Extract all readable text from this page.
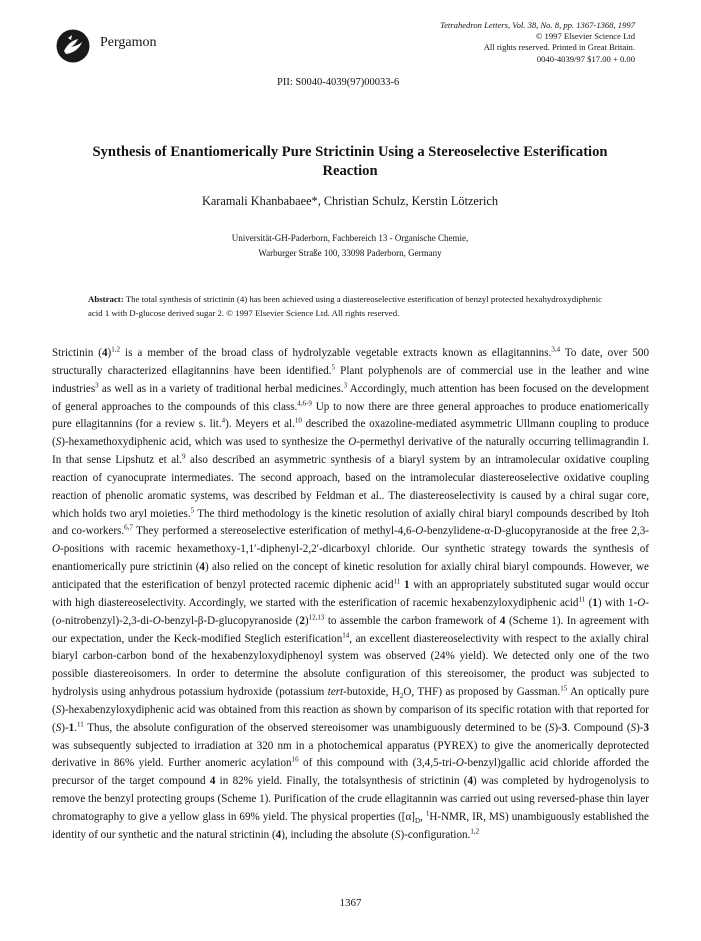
Pergamon
Tetrahedron Letters, Vol. 38, No. 8, pp. 1367-1368, 1997
© 1997 Elsevier Science Ltd
All rights reserved. Printed in Great Britain.
0040-4039/97 $17.00 + 0.00
PII: S0040-4039(97)00033-6
Synthesis of Enantiomerically Pure Strictinin Using a Stereoselective Esterification
Reaction
Karamali Khanbabaee*, Christian Schulz, Kerstin Lötzerich
Universität-GH-Paderborn, Fachbereich 13 - Organische Chemie,
Warburger Straße 100, 33098 Paderborn, Germany
Abstract: The total synthesis of strictinin (4) has been achieved using a diastereoselective esterification of benzyl protected hexahydroxydiphenic acid 1 with D-glucose derived sugar 2. © 1997 Elsevier Science Ltd. All rights reserved.

Strictinin $(4)^{1,2}$ is a member of the broad class of hydrolyzable vegetable extracts known as ellagitannins.$^{3,4}$ To date, over 500 structurally characterized ellagitannins have been identified.$^5$ Plant polyphenols are of commercial use in the leather and wine industries$^3$ as well as in a variety of traditional herbal medicines.$^3$ Accordingly, much attention has been focused on the development of general approaches to the compounds of this class.$^{4,6-9}$ Up to now there are three general approaches to produce enatiomerically pure ellagitannins (for a review s. lit.$^4$). Meyers et al.$^{10}$ described the oxazoline-mediated asymmetric Ullmann coupling to produce (S)-hexamethoxydiphenic acid, which was used to synthesize the O-permethyl derivative of the naturally occurring tellimagrandin I. In that sense Lipshutz et al.$^9$ also described an asymmetric synthesis of a biaryl system by an intramolecular oxidative coupling reaction of cyanocuprate intermediates. The second approach, based on the intramolecular diastereoselective oxidative coupling reaction of phenolic aromatic systems, was described by Feldman et al.. The diastereoselectivity is caused by a chiral sugar core, which holds two aryl moieties.$^5$ The third methodology is the kinetic resolution of axially chiral biaryl compounds described by Itoh and co-workers.$^{6,7}$ They performed a stereoselective esterification of methyl-4,6-O-benzylidene-α-D-glucopyranoside at the free 2,3-O-positions with racemic hexamethoxy-1,1′-diphenyl-2,2′-dicarboxyl chloride. Our synthetic strategy towards the synthesis of enantiomerically pure strictinin (4) also relied on the concept of kinetic resolution for axially chiral biaryl compounds. However, we anticipated that the esterification of benzyl protected racemic diphenic acid$^{11}$ 1 with an appropriately substituted sugar would occur with high diastereoselectivity. Accordingly, we started with the esterification of racemic hexabenzyloxydiphenic acid$^{11}$ (1) with 1-O-(o-nitrobenzyl)-2,3-di-O-benzyl-β-D-glucopyranoside $(2)^{12,13}$ to assemble the carbon framework of 4 (Scheme 1). In agreement with our expectation, under the Keck-modified Steglich esterification$^{14}$, an excellent diastereoselectivity with respect to the axially chiral biaryl carbon-carbon bond of the hexabenzyloxydiphenoyl system was observed (24% yield). We detected only one of the two possible diastereoisomers. In order to determine the absolute configuration of this stereoisomer, the product was subjected to hydrolysis using anhydrous potassium hydroxide (potassium tert-butoxide, $H_2O$, THF) as proposed by Gassman.$^{15}$ An optically pure (S)-hexabenzyloxydiphenic acid was obtained from this reaction as shown by comparison of its specific rotation with that reported for (S)-1.11 Thus, the absolute configuration of the observed stereoisomer was unambiguously determined to be (S)-3. Compound (S)-3 was subsequently subjected to irradiation at 320 nm in a photochemical apparatus (PYREX) to give the anomerically deprotected derivative in 86% yield. Further anomeric acylation$^{16}$ of this compound with (3,4,5-tri-O-benzyl)gallic acid chloride afforded the precursor of the target compound 4 in 82% yield. Finally, the totalsynthesis of strictinin (4) was completed by hydrogenolysis to remove the benzyl protecting groups (Scheme 1). Purification of the crude ellagitannin was carried out using reversed-phase thin layer chromatography to give a yellow glass in 69% yield. The physical properties ($[\alpha]_D$, $^1$H-NMR, IR, MS) unambiguously established the identity of our synthetic and the natural strictinin (4), including the absolute (S)-configuration.$^{1,2}$

1367
